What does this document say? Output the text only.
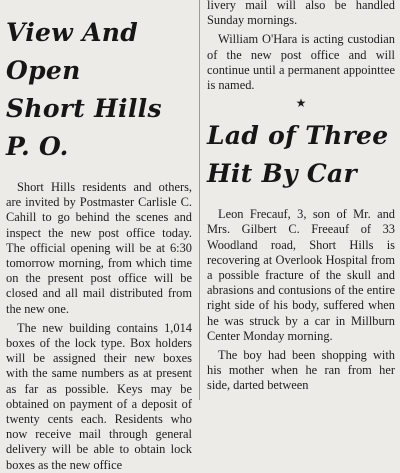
View And Open
Short Hills P. O.

Short Hills residents and others, are invited by Postmaster Carlisle C. Cahill to go behind the scenes and inspect the new post office today. The official opening will be at 6:30 tomorrow morning, from which time on the present post office will be closed and all mail distributed from the new one.

The new building contains 1,014 boxes of the lock type. Box holders will be assigned their new boxes with the same numbers as at present as far as possible. Keys may be obtained on payment of a deposit of twenty cents each. Residents who now receive mail through general delivery will be able to obtain lock boxes as the new office

livery mail will also be handled Sunday mornings.

William O'Hara is acting custodian of the new post office and will continue until a permanent appointtee is named.

★
Lad of Three
Hit By Car

Leon Frecauf, 3, son of Mr. and Mrs. Gilbert C. Freeauf of 33 Woodland road, Short Hills is recovering at Overlook Hospital from a possible fracture of the skull and abrasions and contusions of the entire right side of his body, suffered when he was struck by a car in Millburn Center Monday morning.

The boy had been shopping with his mother when he ran from her side, darted between
